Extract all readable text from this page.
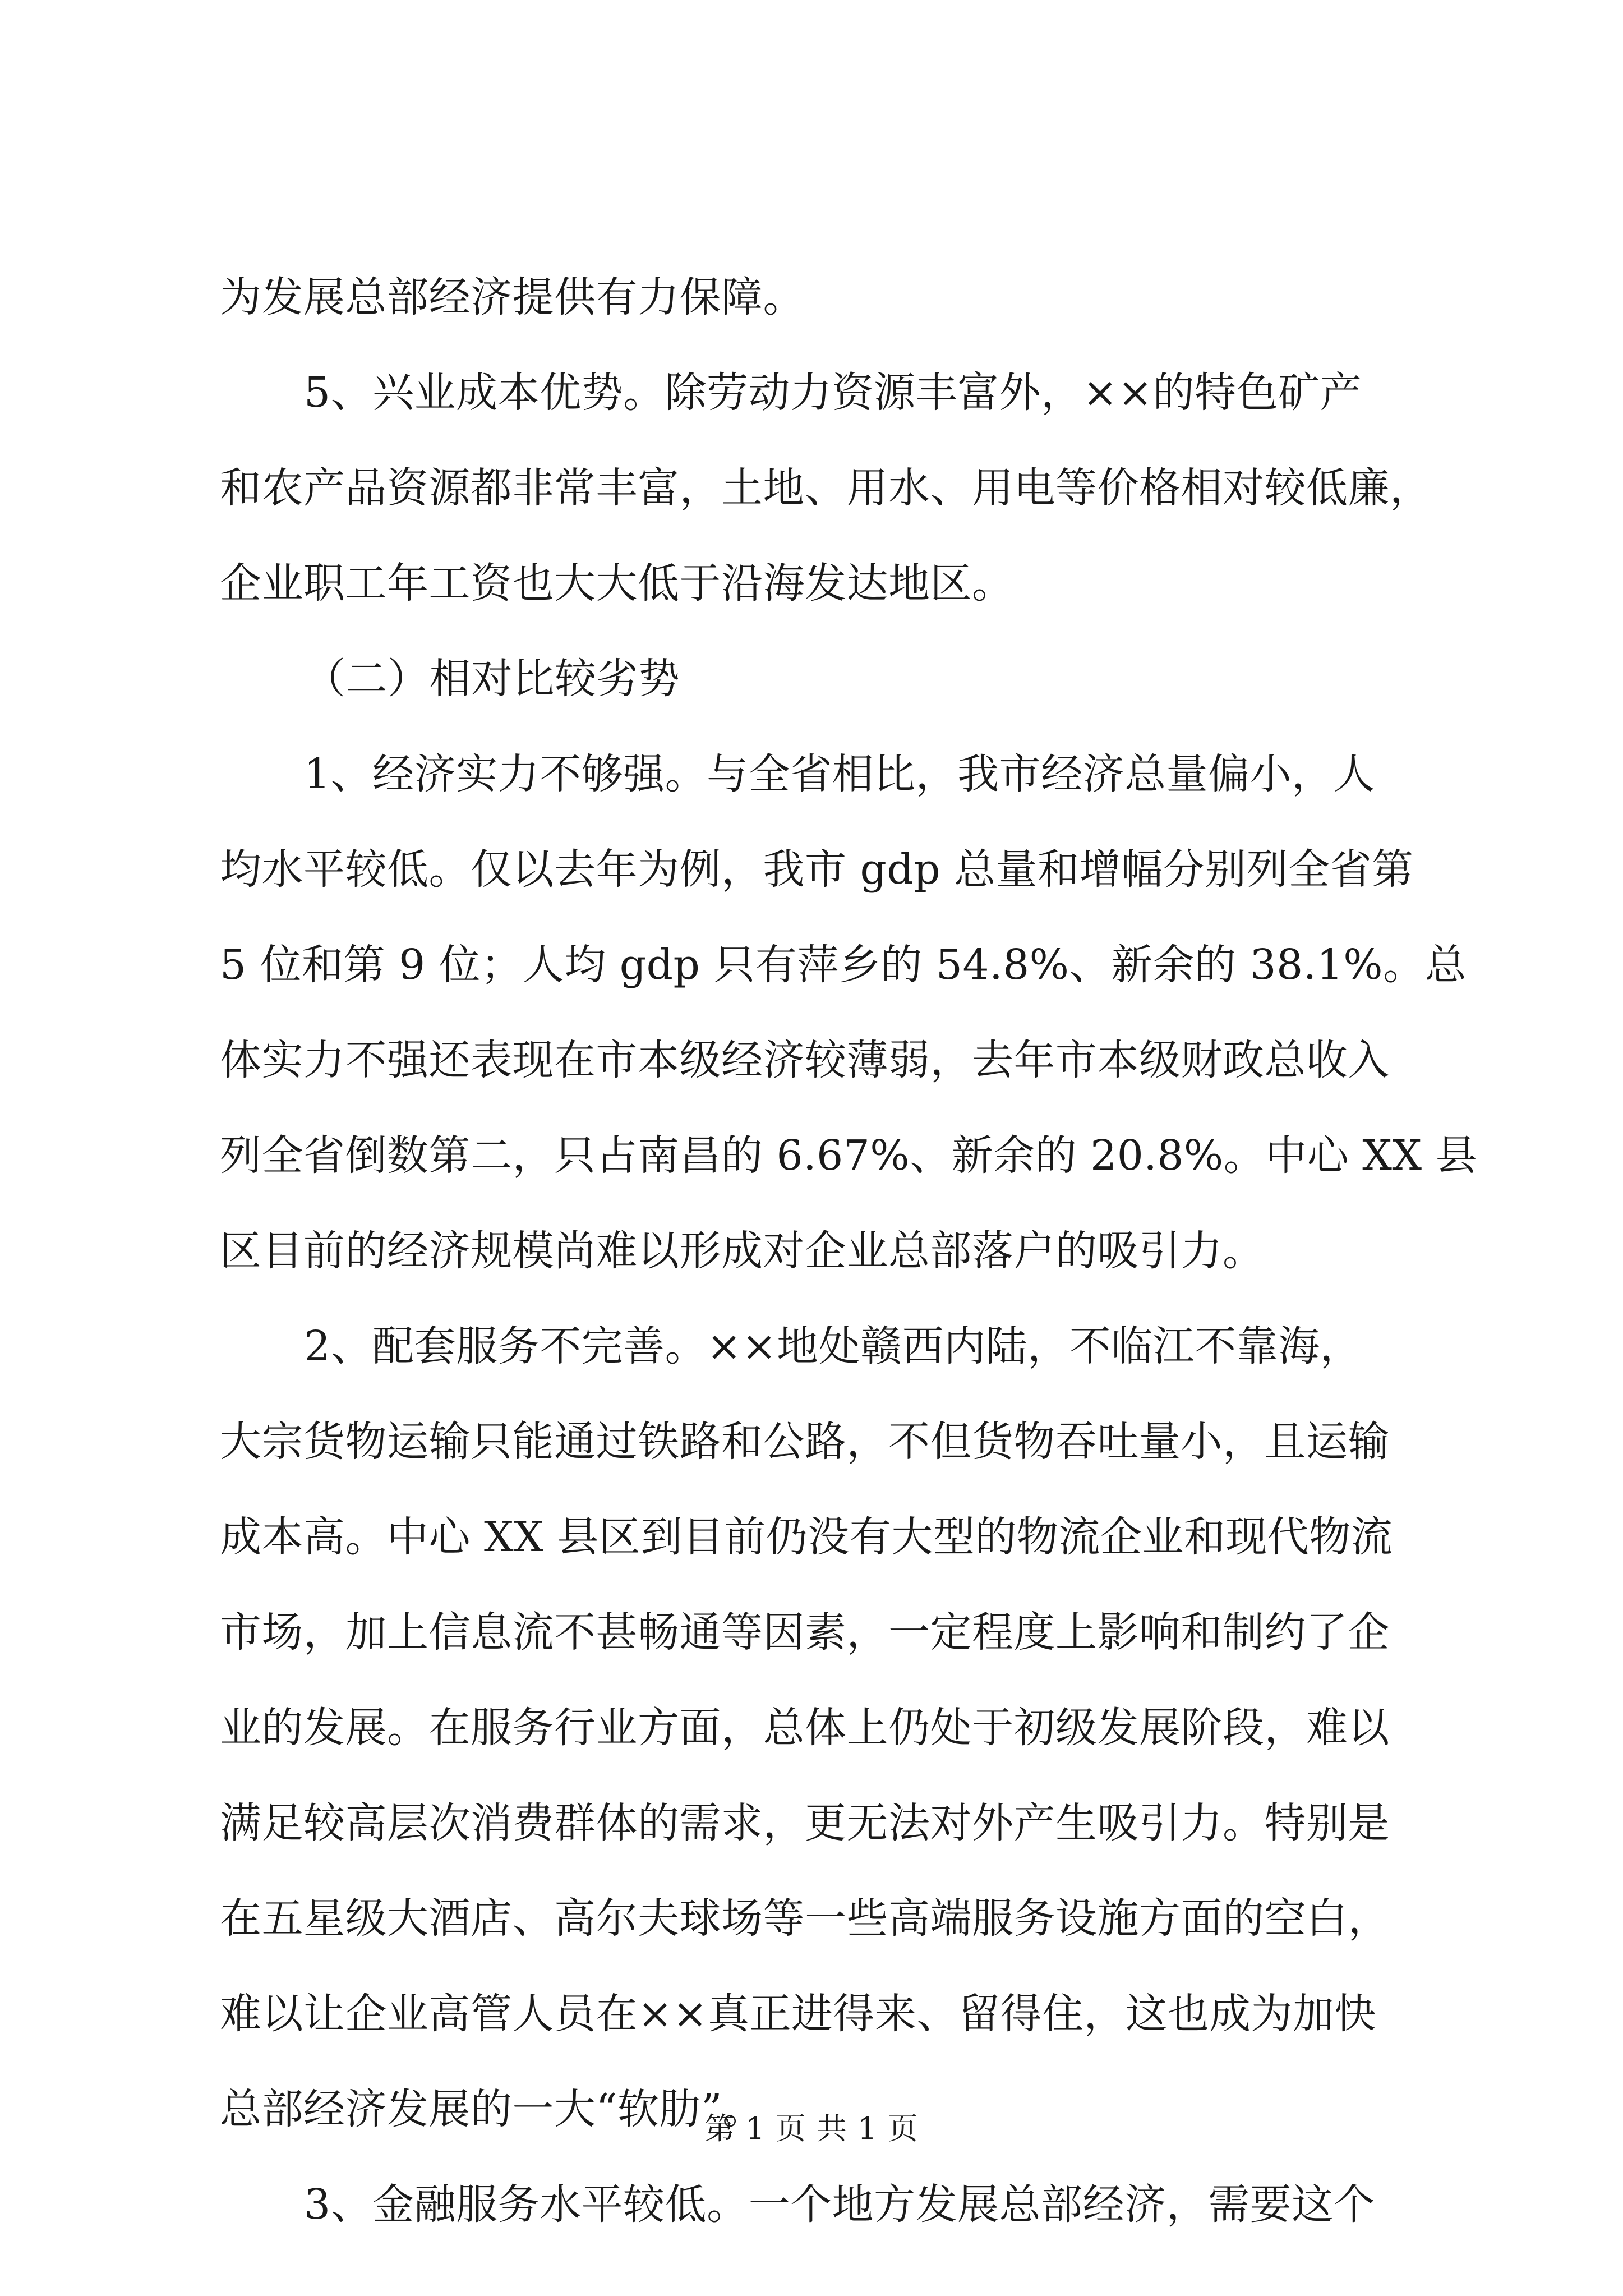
为发展总部经济提供有力保障。
5、兴业成本优势。除劳动力资源丰富外，××的特色矿产
和农产品资源都非常丰富，土地、用水、用电等价格相对较低廉，
企业职工年工资也大大低于沿海发达地区。
（二）相对比较劣势
1、经济实力不够强。与全省相比，我市经济总量偏小，人
均水平较低。仅以去年为例，我市 gdp 总量和增幅分别列全省第
5 位和第 9 位；人均 gdp 只有萍乡的 54.8%、新余的 38.1%。总
体实力不强还表现在市本级经济较薄弱，去年市本级财政总收入
列全省倒数第二，只占南昌的 6.67%、新余的 20.8%。中心 XX 县
区目前的经济规模尚难以形成对企业总部落户的吸引力。
2、配套服务不完善。××地处赣西内陆，不临江不靠海，
大宗货物运输只能通过铁路和公路，不但货物吞吐量小，且运输
成本高。中心 XX 县区到目前仍没有大型的物流企业和现代物流
市场，加上信息流不甚畅通等因素，一定程度上影响和制约了企
业的发展。在服务行业方面，总体上仍处于初级发展阶段，难以
满足较高层次消费群体的需求，更无法对外产生吸引力。特别是
在五星级大酒店、高尔夫球场等一些高端服务设施方面的空白，
难以让企业高管人员在××真正进得来、留得住，这也成为加快
总部经济发展的一大“软肋”。
3、金融服务水平较低。一个地方发展总部经济，需要这个
第 1 页 共 1 页
